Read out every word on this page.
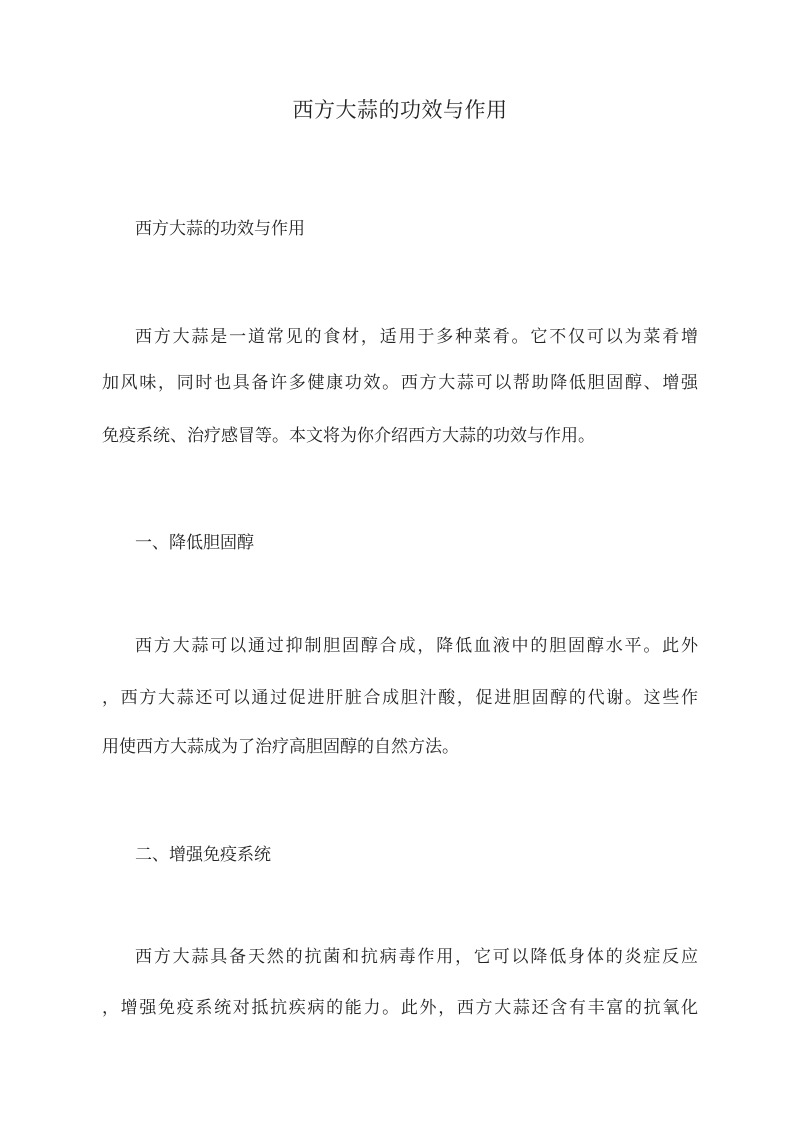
西方大蒜的功效与作用

西方大蒜的功效与作用

西方大蒜是一道常见的食材，适用于多种菜肴。它不仅可以为菜肴增

加风味，同时也具备许多健康功效。西方大蒜可以帮助降低胆固醇、增强

免疫系统、治疗感冒等。本文将为你介绍西方大蒜的功效与作用。

一、降低胆固醇

西方大蒜可以通过抑制胆固醇合成，降低血液中的胆固醇水平。此外

，西方大蒜还可以通过促进肝脏合成胆汁酸，促进胆固醇的代谢。这些作

用使西方大蒜成为了治疗高胆固醇的自然方法。

二、增强免疫系统

西方大蒜具备天然的抗菌和抗病毒作用，它可以降低身体的炎症反应

，增强免疫系统对抵抗疾病的能力。此外，西方大蒜还含有丰富的抗氧化
